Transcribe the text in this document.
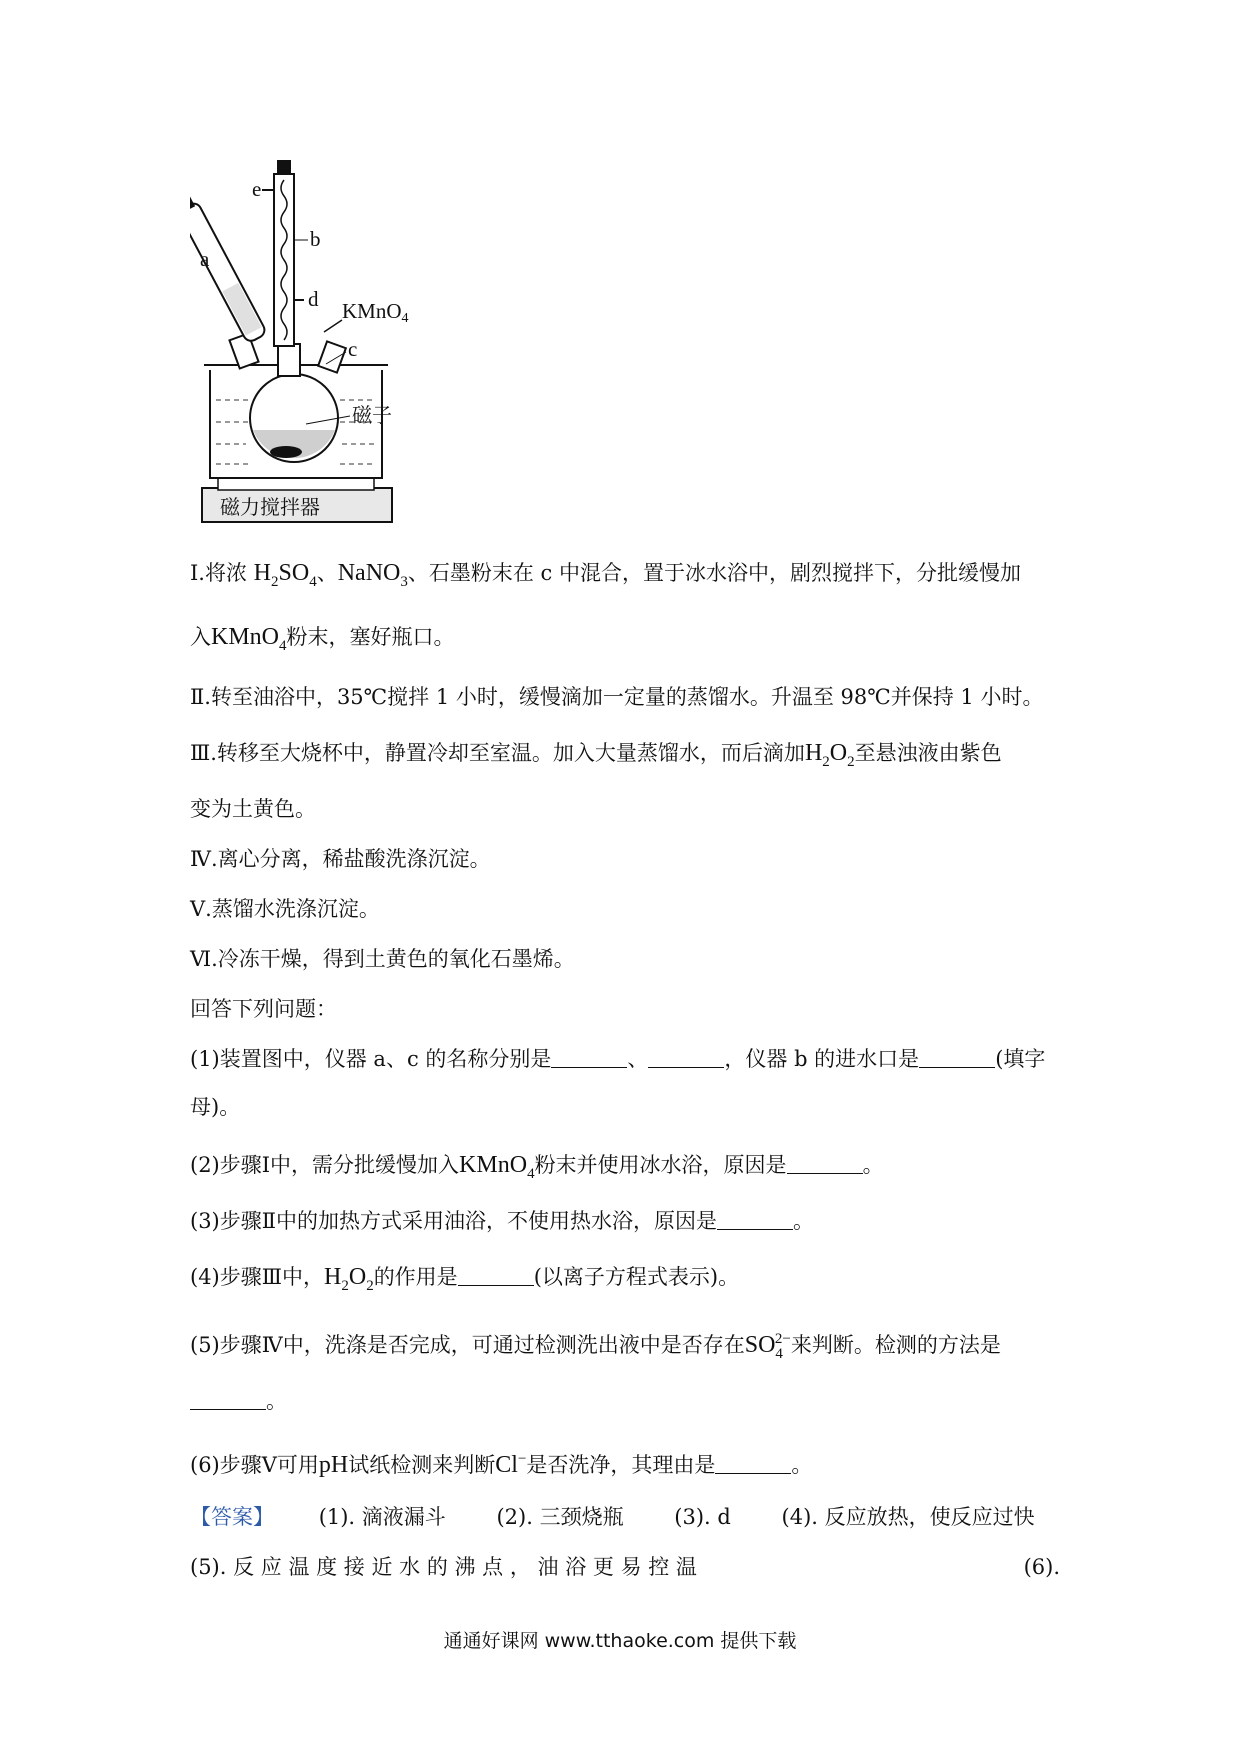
e
b
d
a
c
KMnO4
磁子
磁力搅拌器
Ⅰ.将浓 $H_2SO_4$、NaNO$_3$、石墨粉末在 c 中混合，置于冰水浴中，剧烈搅拌下，分批缓慢加
入KMnO$_4$粉末，塞好瓶口。
Ⅱ.转至油浴中，35℃搅拌 1 小时，缓慢滴加一定量的蒸馏水。升温至 98℃并保持 1 小时。
Ⅲ.转移至大烧杯中，静置冷却至室温。加入大量蒸馏水，而后滴加$H_2O_2$至悬浊液由紫色
变为土黄色。
Ⅳ.离心分离，稀盐酸洗涤沉淀。
Ⅴ.蒸馏水洗涤沉淀。
Ⅵ.冷冻干燥，得到土黄色的氧化石墨烯。
回答下列问题：
(1)装置图中，仪器 a、c 的名称分别是	、	，仪器 b 的进水口是	(填字
母)。
(2)步骤Ⅰ中，需分批缓慢加入KMnO$_4$粉末并使用冰水浴，原因是	。
(3)步骤Ⅱ中的加热方式采用油浴，不使用热水浴，原因是	。
(4)步骤Ⅲ中，$H_2O_2$的作用是	(以离子方程式表示)。
(5)步骤Ⅳ中，洗涤是否完成，可通过检测洗出液中是否存在$SO_4^{2-}$来判断。检测的方法是
。
(6)步骤Ⅴ可用pH试纸检测来判断Cl−是否洗净，其理由是	。
【答案】 (1). 滴液漏斗 (2). 三颈烧瓶 (3). d (4). 反应放热，使反应过快
(5). 反 应 温 度 接 近 水 的 沸 点 ， 油 浴 更 易 控 温	(6).
通通好课网 www.tthaoke.com 提供下载
